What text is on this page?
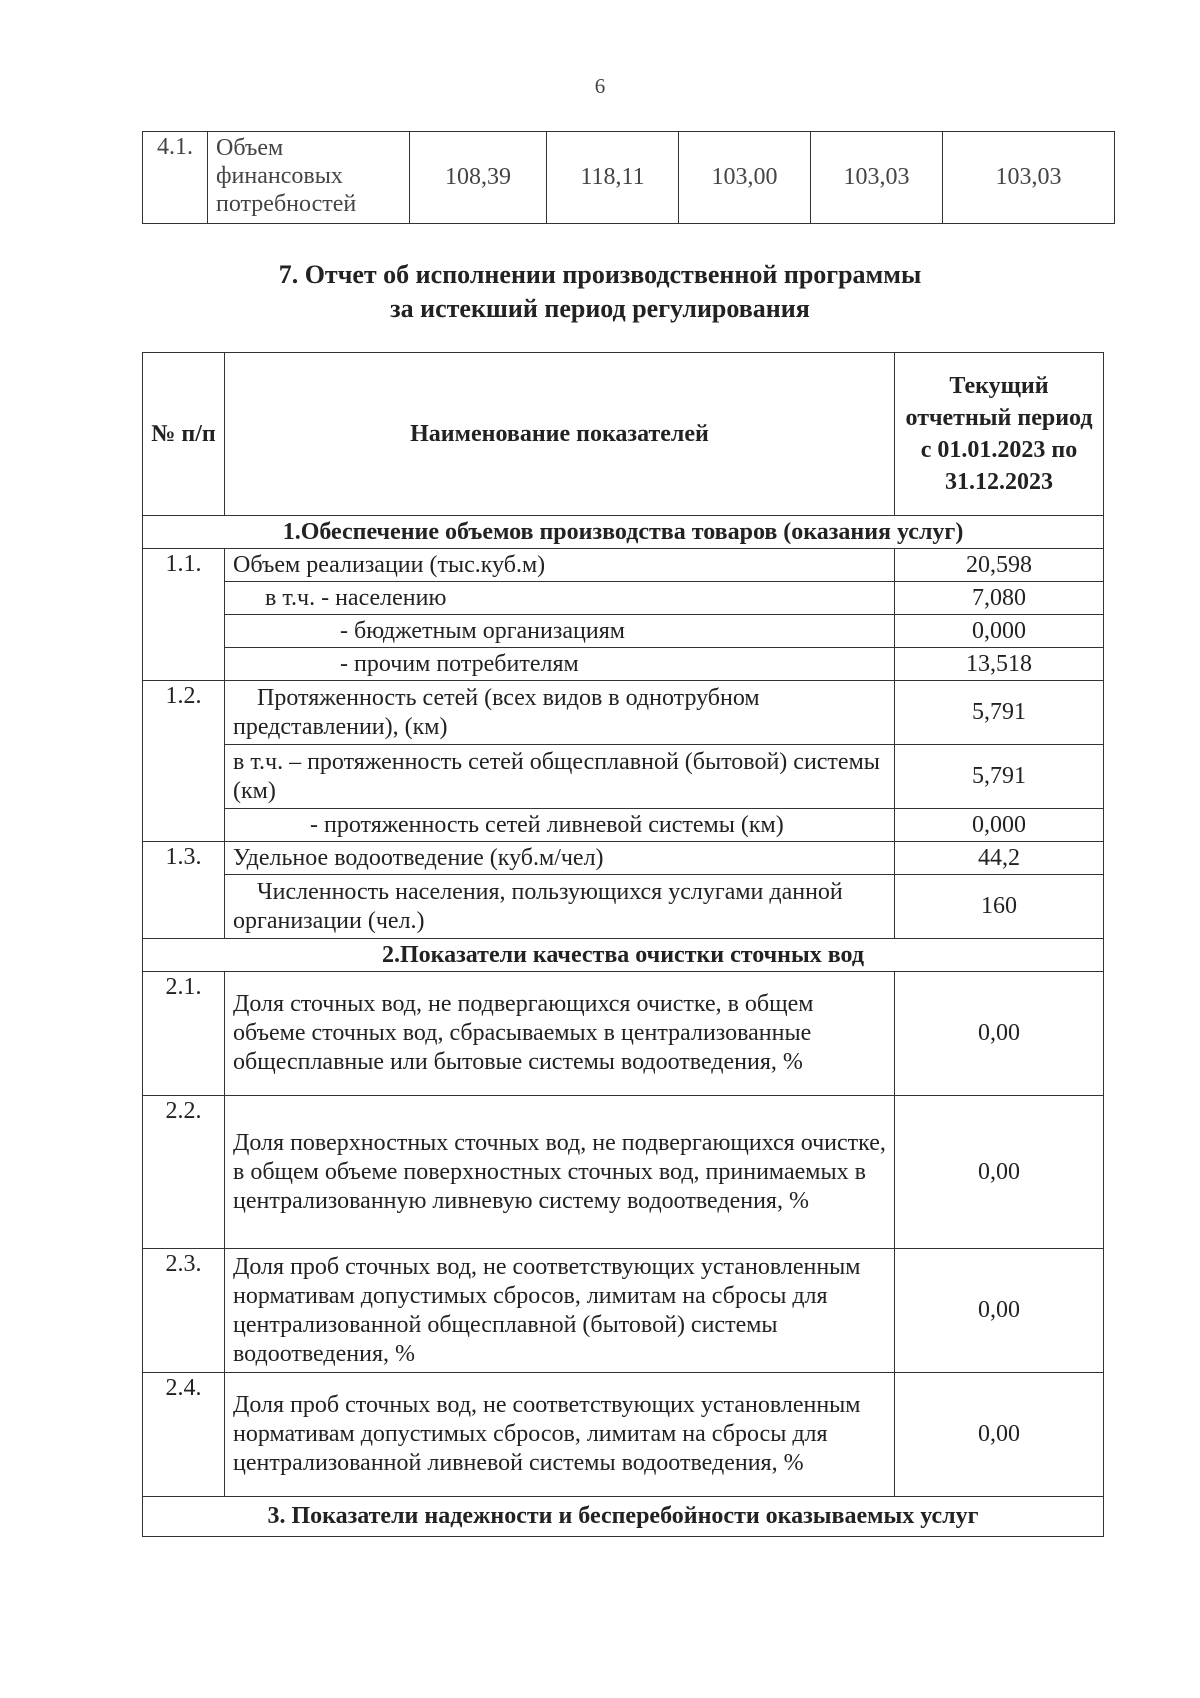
6
4.1.	Объем
финансовых
потребностей
	108,39	118,11	103,00	103,03	103,03
7. Отчет об исполнении производственной программы
за истекший период регулирования
№ п/п	Наименование показателей	Текущий отчетный период с 01.01.2023 по 31.12.2023
1.Обеспечение объемов производства товаров (оказания услуг)		
1.1.	Объем реализации (тыс.куб.м)	20,598
	в т.ч. - населению	7,080
	- бюджетным организациям	0,000
	- прочим потребителям	13,518
1.2.	Протяженность сетей (всех видов в однотрубном представлении), (км)	5,791
	в т.ч. – протяженность сетей общесплавной (бытовой) системы (км)	5,791
	- протяженность сетей ливневой системы (км)	0,000
1.3.	Удельное водоотведение (куб.м/чел)	44,2
	Численность населения, пользующихся услугами данной организации (чел.)	160
2.Показатели качества очистки сточных вод		
2.1.	Доля сточных вод, не подвергающихся очистке, в общем объеме сточных вод, сбрасываемых в централизованные общесплавные или бытовые системы водоотведения, %	0,00
2.2.	Доля поверхностных сточных вод, не подвергающихся очистке, в общем объеме поверхностных сточных вод, принимаемых в централизованную ливневую систему водоотведения, %	0,00
2.3.	Доля проб сточных вод, не соответствующих установленным нормативам допустимых сбросов, лимитам на сбросы для централизованной общесплавной (бытовой) системы водоотведения, %	0,00
2.4.	Доля проб сточных вод, не соответствующих установленным нормативам допустимых сбросов, лимитам на сбросы для централизованной ливневой системы водоотведения, %	0,00
3. Показатели надежности и бесперебойности оказываемых услуг		
